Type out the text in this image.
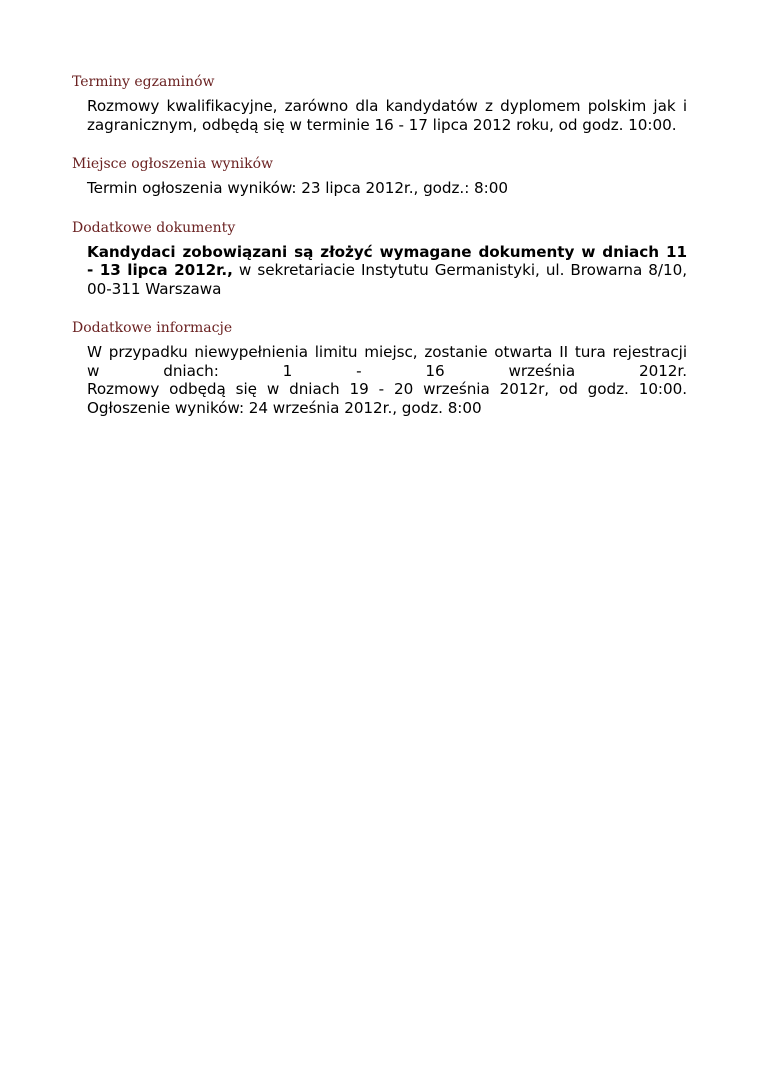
Terminy egzaminów
Rozmowy kwalifikacyjne, zarówno dla kandydatów z dyplomem polskim jak i
zagranicznym, odbędą się w terminie 16 - 17 lipca 2012 roku, od godz. 10:00.
Miejsce ogłoszenia wyników
Termin ogłoszenia wyników: 23 lipca 2012r., godz.: 8:00
Dodatkowe dokumenty
Kandydaci zobowiązani są złożyć wymagane dokumenty w dniach 11
- 13 lipca 2012r., w sekretariacie Instytutu Germanistyki, ul. Browarna 8/10,
00-311 Warszawa
Dodatkowe informacje
W przypadku niewypełnienia limitu miejsc, zostanie otwarta II tura rejestracji
w dniach: 1 - 16 września 2012r.
Rozmowy odbędą się w dniach 19 - 20 września 2012r, od godz. 10:00.
Ogłoszenie wyników: 24 września 2012r., godz. 8:00
